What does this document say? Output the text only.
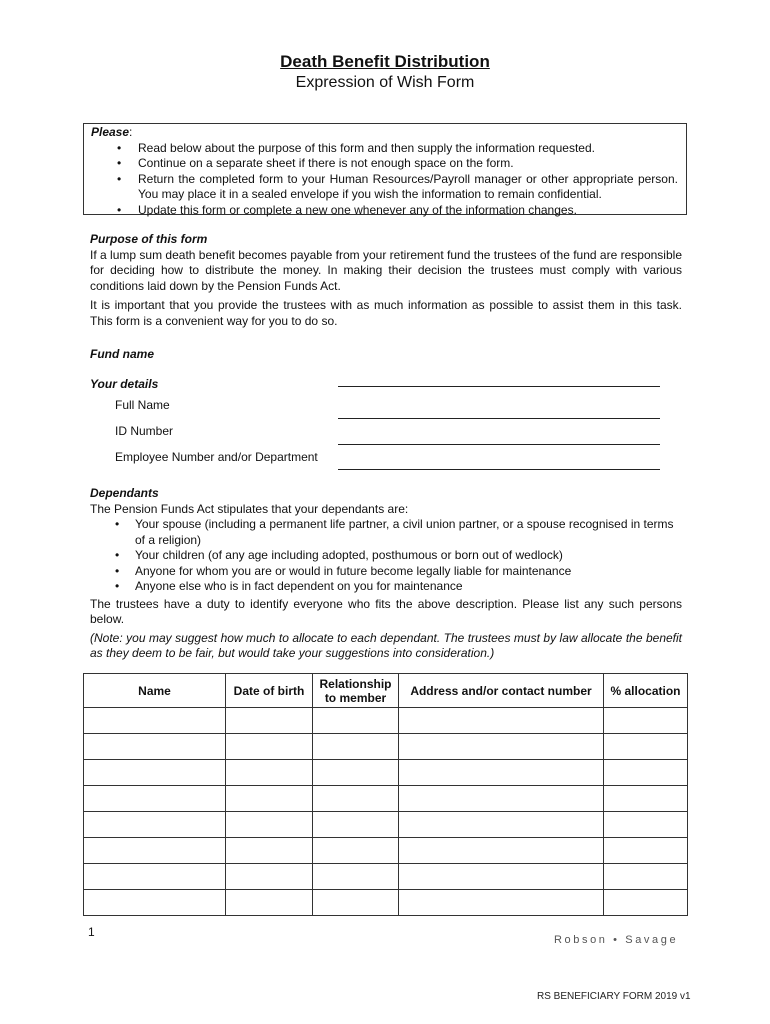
Death Benefit Distribution
Expression of Wish Form
Please:
• Read below about the purpose of this form and then supply the information requested.
• Continue on a separate sheet if there is not enough space on the form.
• Return the completed form to your Human Resources/Payroll manager or other appropriate person. You may place it in a sealed envelope if you wish the information to remain confidential.
• Update this form or complete a new one whenever any of the information changes.
Purpose of this form

If a lump sum death benefit becomes payable from your retirement fund the trustees of the fund are responsible for deciding how to distribute the money. In making their decision the trustees must comply with various conditions laid down by the Pension Funds Act.

It is important that you provide the trustees with as much information as possible to assist them in this task. This form is a convenient way for you to do so.

Fund name
Your details
Full Name
ID Number
Employee Number and/or Department
Dependants
The Pension Funds Act stipulates that your dependants are:
• Your spouse (including a permanent life partner, a civil union partner, or a spouse recognised in terms of a religion)
• Your children (of any age including adopted, posthumous or born out of wedlock)
• Anyone for whom you are or would in future become legally liable for maintenance
• Anyone else who is in fact dependent on you for maintenance

The trustees have a duty to identify everyone who fits the above description. Please list any such persons below.

(Note: you may suggest how much to allocate to each dependant. The trustees must by law allocate the benefit as they deem to be fair, but would take your suggestions into consideration.)

Name	Date of birth	Relationship to member	Address and/or contact number	% allocation

1
Robson • Savage
RS BENEFICIARY FORM 2019 v1
